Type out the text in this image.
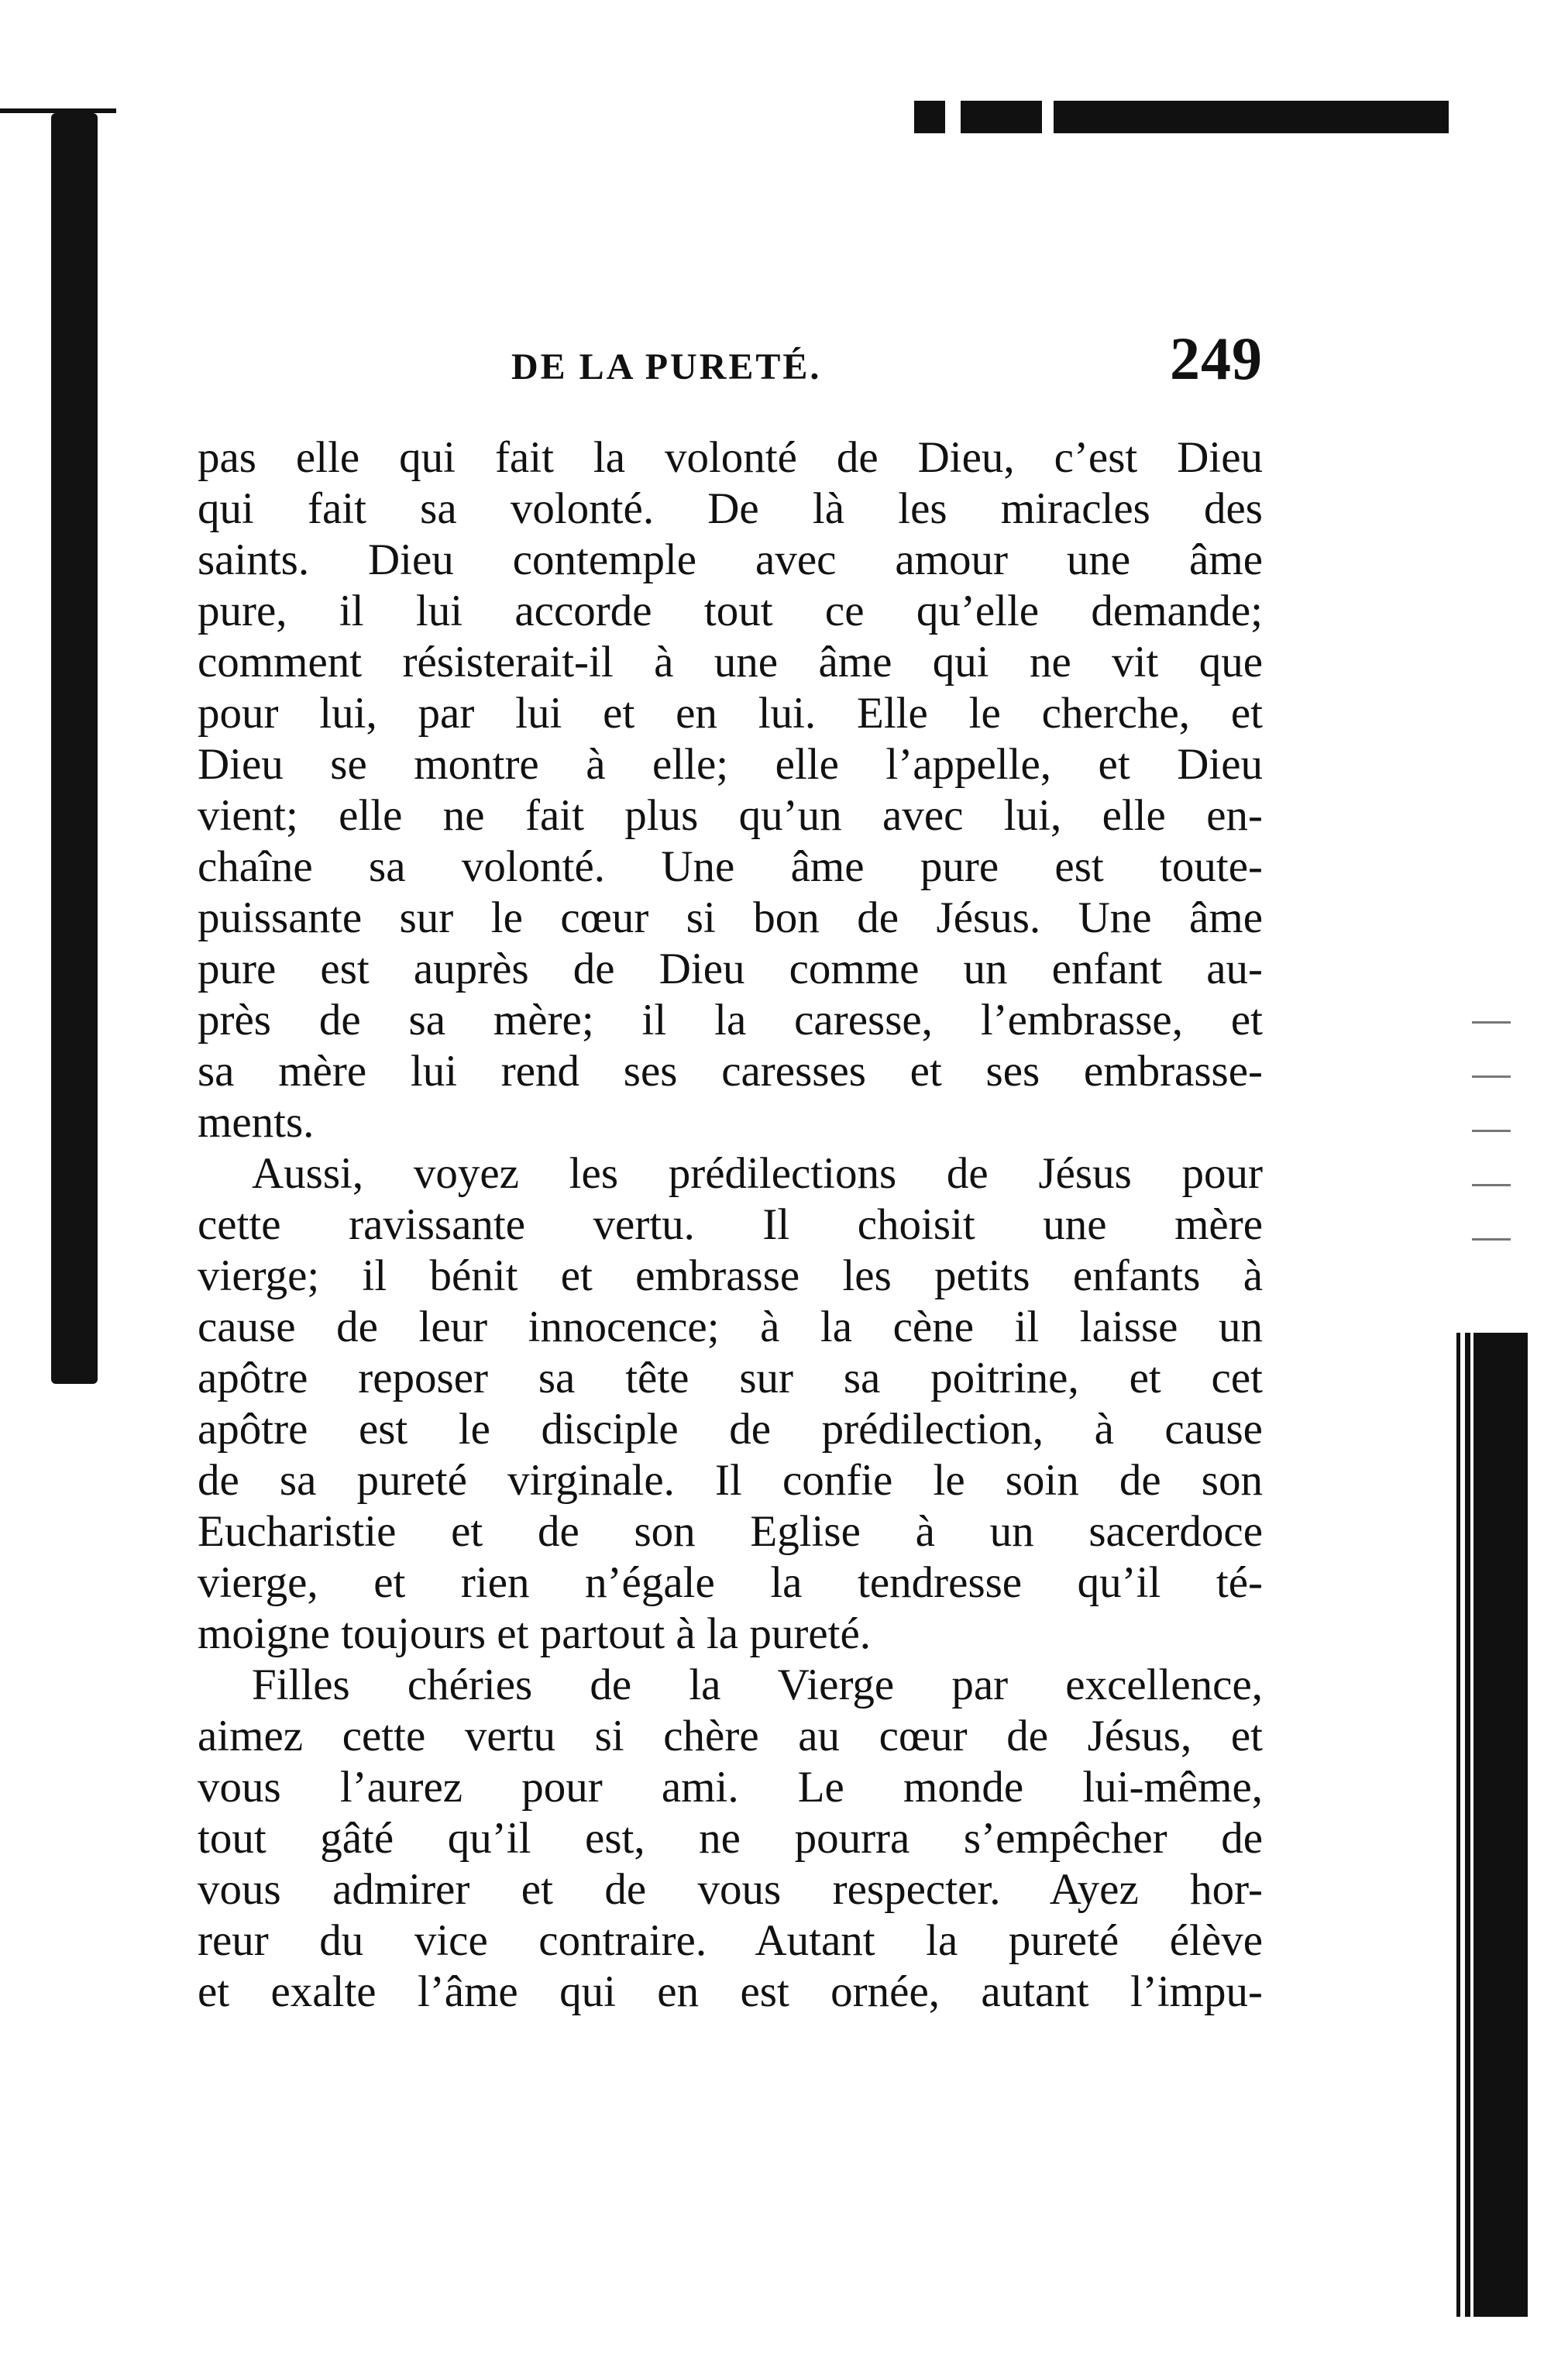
DE LA PURETÉ.	249
pas elle qui fait la volonté de Dieu, c’est Dieu
qui fait sa volonté. De là les miracles des
saints. Dieu contemple avec amour une âme
pure, il lui accorde tout ce qu’elle demande;
comment résisterait-il à une âme qui ne vit que
pour lui, par lui et en lui. Elle le cherche, et
Dieu se montre à elle; elle l’appelle, et Dieu
vient; elle ne fait plus qu’un avec lui, elle en-
chaîne sa volonté. Une âme pure est toute-
puissante sur le cœur si bon de Jésus. Une âme
pure est auprès de Dieu comme un enfant au-
près de sa mère; il la caresse, l’embrasse, et
sa mère lui rend ses caresses et ses embrasse-
ments.
Aussi, voyez les prédilections de Jésus pour
cette ravissante vertu. Il choisit une mère
vierge; il bénit et embrasse les petits enfants à
cause de leur innocence; à la cène il laisse un
apôtre reposer sa tête sur sa poitrine, et cet
apôtre est le disciple de prédilection, à cause
de sa pureté virginale. Il confie le soin de son
Eucharistie et de son Eglise à un sacerdoce
vierge, et rien n’égale la tendresse qu’il té-
moigne toujours et partout à la pureté.
Filles chéries de la Vierge par excellence,
aimez cette vertu si chère au cœur de Jésus, et
vous l’aurez pour ami. Le monde lui-même,
tout gâté qu’il est, ne pourra s’empêcher de
vous admirer et de vous respecter. Ayez hor-
reur du vice contraire. Autant la pureté élève
et exalte l’âme qui en est ornée, autant l’impu-
